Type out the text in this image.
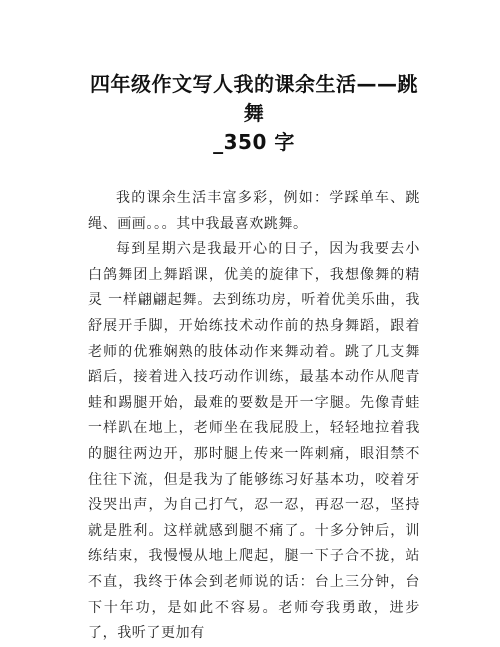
四年级作文写人我的课余生活——跳舞
_350 字

我的课余生活丰富多彩，例如：学踩单车、跳绳、画画。。。其中我最喜欢跳舞。

每到星期六是我最开心的日子，因为我要去小白鸽舞团上舞蹈课，优美的旋律下，我想像舞的精灵 一样翩翩起舞。去到练功房，听着优美乐曲，我舒展开手脚，开始练技术动作前的热身舞蹈，跟着老师的优雅娴熟的肢体动作来舞动着。跳了几支舞蹈后，接着进入技巧动作训练，最基本动作从爬青蛙和踢腿开始，最难的要数是开一字腿。先像青蛙一样趴在地上，老师坐在我屁股上，轻轻地拉着我的腿往两边开，那时腿上传来一阵刺痛，眼泪禁不住往下流，但是我为了能够练习好基本功，咬着牙没哭出声，为自己打气，忍一忍，再忍一忍，坚持就是胜利。这样就感到腿不痛了。十多分钟后，训练结束，我慢慢从地上爬起，腿一下子合不拢，站不直，我终于体会到老师说的话：台上三分钟，台下十年功，是如此不容易。老师夸我勇敢，进步了，我听了更加有
